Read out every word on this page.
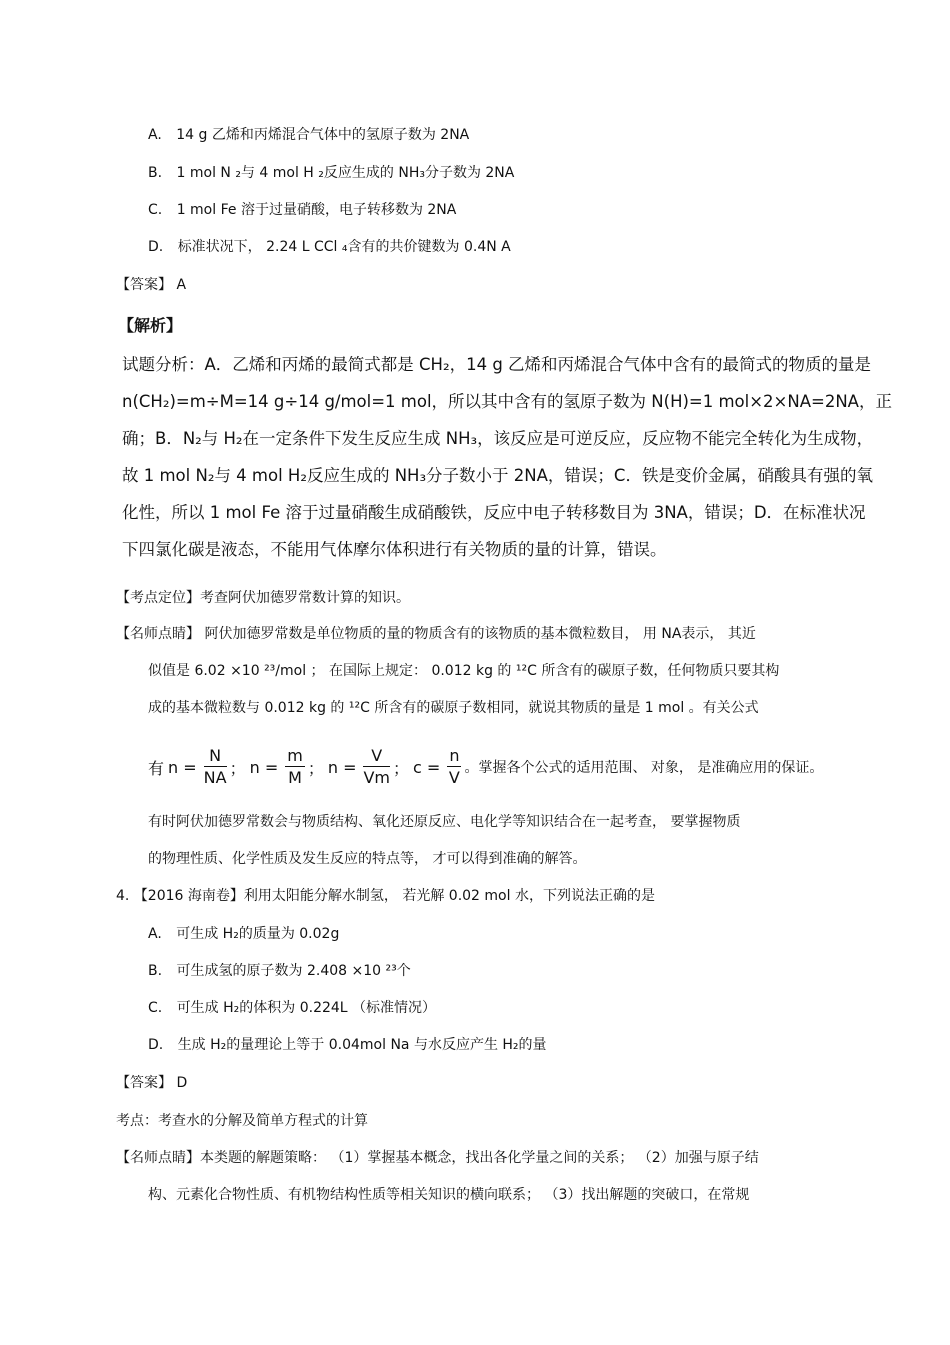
A. 14 g 乙烯和丙烯混合气体中的氢原子数为 2NA
B. 1 mol N ₂与 4 mol H ₂反应生成的 NH₃分子数为 2NA
C. 1 mol Fe 溶于过量硝酸，电子转移数为 2NA
D. 标准状况下， 2.24 L CCl ₄含有的共价键数为 0.4N A
【答案】 A
【解析】

试题分析：A．乙烯和丙烯的最简式都是 CH₂，14 g 乙烯和丙烯混合气体中含有的最简式的物质的量是

n(CH₂)=m÷M=14 g÷14 g/mol=1 mol，所以其中含有的氢原子数为 N(H)=1 mol×2×NA=2NA，正

确；B．N₂与 H₂在一定条件下发生反应生成 NH₃，该反应是可逆反应，反应物不能完全转化为生成物，

故 1 mol N₂与 4 mol H₂反应生成的 NH₃分子数小于 2NA，错误；C．铁是变价金属，硝酸具有强的氧

化性，所以 1 mol Fe 溶于过量硝酸生成硝酸铁，反应中电子转移数目为 3NA，错误；D．在标准状况

下四氯化碳是液态，不能用气体摩尔体积进行有关物质的量的计算，错误。

【考点定位】考查阿伏加德罗常数计算的知识。
【名师点睛】 阿伏加德罗常数是单位物质的量的物质含有的该物质的基本微粒数目， 用 NA表示， 其近
似值是 6.02 ×10 ²³/mol ； 在国际上规定： 0.012 kg 的 ¹²C 所含有的碳原子数，任何物质只要其构
成的基本微粒数与 0.012 kg 的 ¹²C 所含有的碳原子数相同，就说其物质的量是 1 mol 。有关公式
有 $n = \frac{N}{NA}$ ； $n = \frac{m}{M}$ ； $n = \frac{V}{Vm}$ ； $c = \frac{n}{V}$ 。掌握各个公式的适用范围、 对象， 是准确应用的保证。
有时阿伏加德罗常数会与物质结构、氧化还原反应、电化学等知识结合在一起考查， 要掌握物质
的物理性质、化学性质及发生反应的特点等， 才可以得到准确的解答。
4. 【2016 海南卷】利用太阳能分解水制氢， 若光解 0.02 mol 水，下列说法正确的是
A. 可生成 H₂的质量为 0.02g
B. 可生成氢的原子数为 2.408 ×10 ²³个
C. 可生成 H₂的体积为 0.224L （标准情况）
D. 生成 H₂的量理论上等于 0.04mol Na 与水反应产生 H₂的量
【答案】 D
考点：考查水的分解及简单方程式的计算
【名师点睛】本类题的解题策略： （1）掌握基本概念，找出各化学量之间的关系； （2）加强与原子结
构、元素化合物性质、有机物结构性质等相关知识的横向联系； （3）找出解题的突破口，在常规
